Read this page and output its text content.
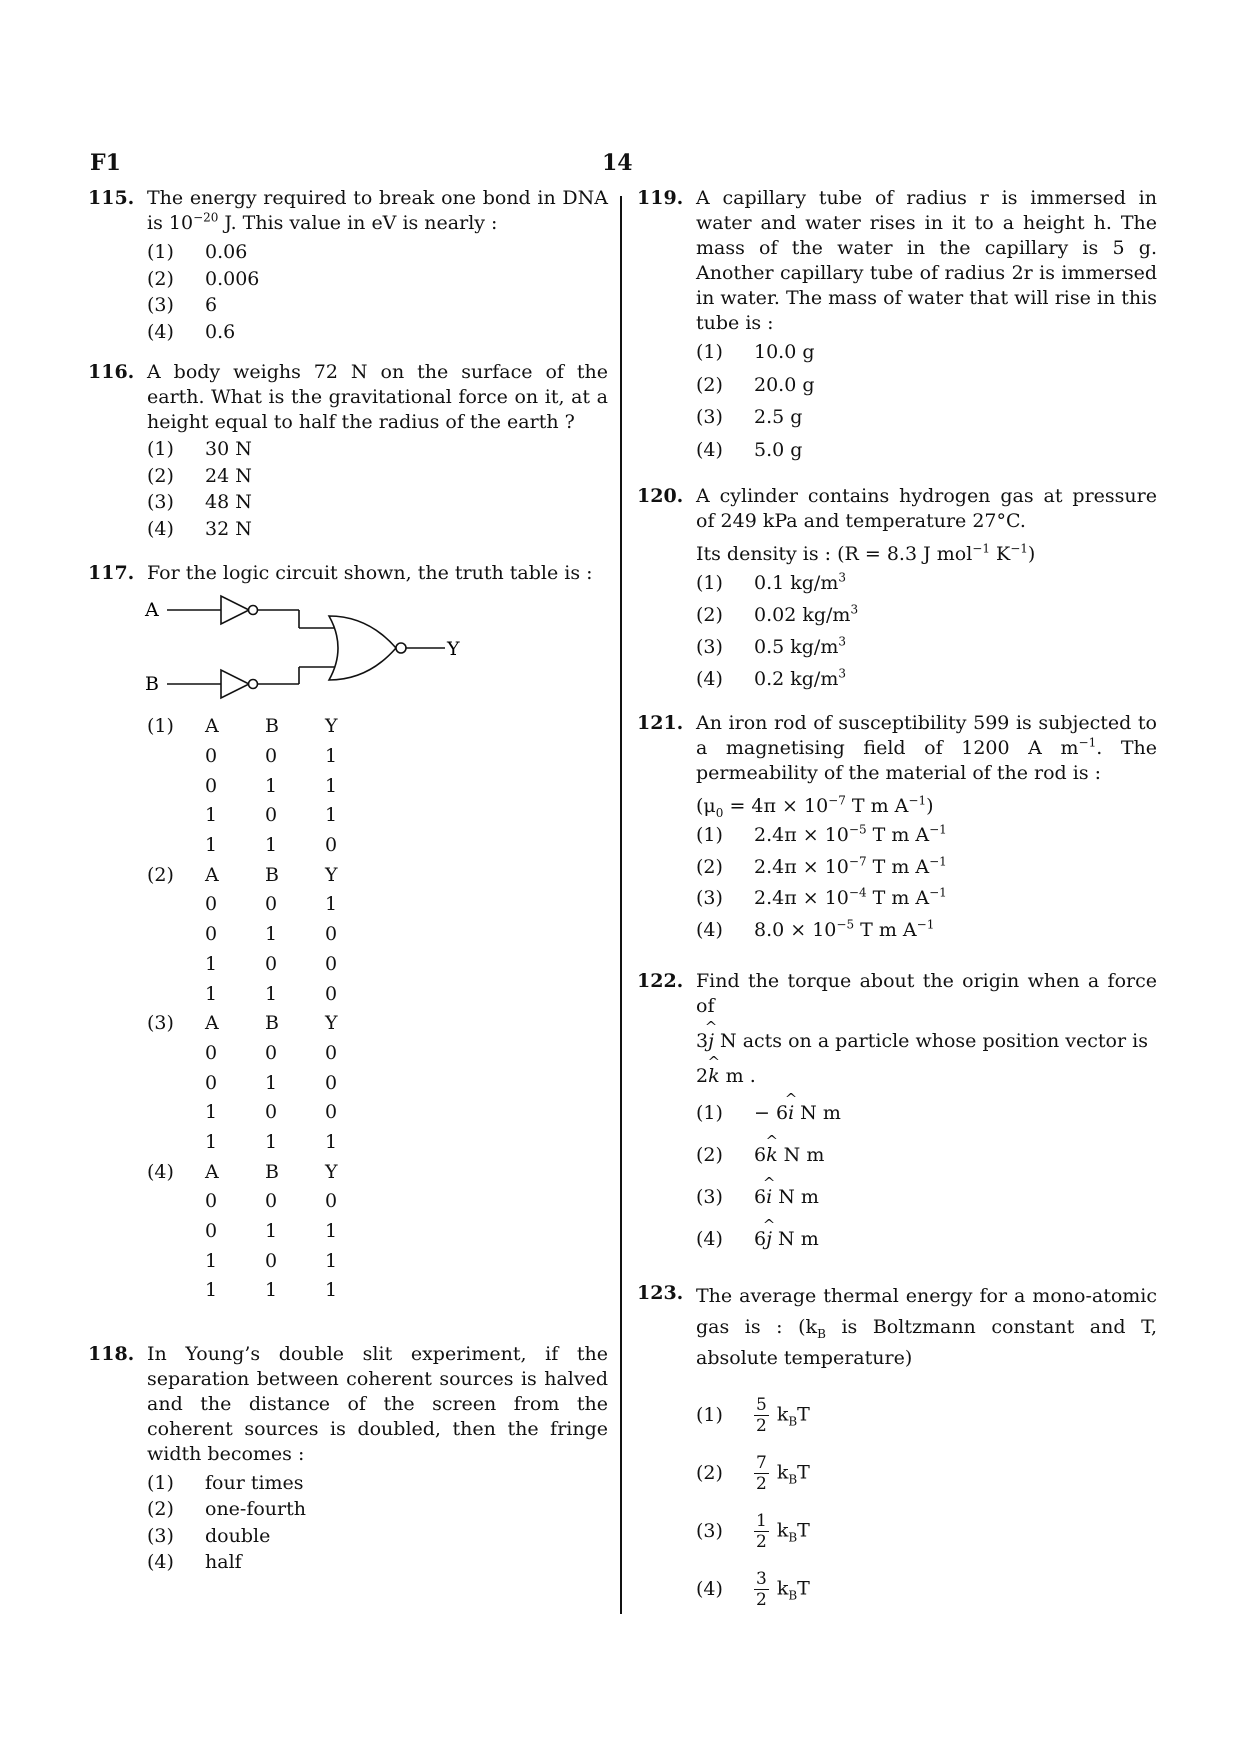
F1	14
115. The energy required to break one bond in DNA is $10^{-20}$ J. This value in eV is nearly :
(1)	0.06
(2)	0.006
(3)	6
(4)	0.6
116. A body weighs 72 N on the surface of the earth. What is the gravitational force on it, at a height equal to half the radius of the earth ?
(1)	30 N
(2)	24 N
(3)	48 N
(4)	32 N
117. For the logic circuit shown, the truth table is :
A
B
Y
(1)	A	B	Y
0	0	1
0	1	1
1	0	1
1	1	0
(2)	A	B	Y
0	0	1
0	1	0
1	0	0
1	1	0
(3)	A	B	Y
0	0	0
0	1	0
1	0	0
1	1	1
(4)	A	B	Y
0	0	0
0	1	1
1	0	1
1	1	1
118. In Young’s double slit experiment, if the separation between coherent sources is halved and the distance of the screen from the coherent sources is doubled, then the fringe width becomes :
(1)	four times
(2)	one-fourth
(3)	double
(4)	half
119. A capillary tube of radius r is immersed in water and water rises in it to a height h. The mass of the water in the capillary is 5 g. Another capillary tube of radius 2r is immersed in water. The mass of water that will rise in this tube is :
(1)	10.0 g
(2)	20.0 g
(3)	2.5 g
(4)	5.0 g
120. A cylinder contains hydrogen gas at pressure of 249 kPa and temperature 27°C.
Its density is : (R = 8.3 J mol$^{-1}$ $K^{-1}$)
(1)	0.1 $kg/m^3$
(2)	0.02 $kg/m^3$
(3)	0.5 $kg/m^3$
(4)	0.2 $kg/m^3$
121. An iron rod of susceptibility 599 is subjected to a magnetising field of 1200 A $m^{-1}$. The permeability of the material of the rod is :
($\mu_0 = 4\pi \times 10^{-7}$ T m $A^{-1}$)
(1)	$2.4\pi \times 10^{-5}$ T m $A^{-1}$
(2)	$2.4\pi \times 10^{-7}$ T m $A^{-1}$
(3)	$2.4\pi \times 10^{-4}$ T m $A^{-1}$
(4)	$8.0 \times 10^{-5}$ T m $A^{-1}$
122. Find the torque about the origin when a force of
3^ j N acts on a particle whose position vector is
2^ k m .
(1)	− 6^ i N m
(2)	6^ k N m
(3)	6^ i N m
(4)	6^ j N m
123. The average thermal energy for a mono-atomic gas is : ($k_B$ is Boltzmann constant and T, absolute temperature)
(1)	$\frac{5}{2} k_BT$
(2)	$\frac{7}{2} k_BT$
(3)	$\frac{1}{2} k_BT$
(4)	$\frac{3}{2} k_BT$
